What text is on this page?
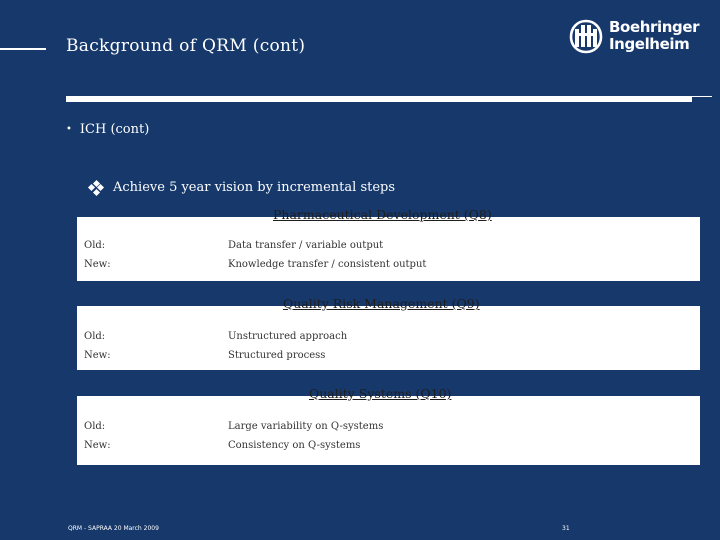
Background of QRM (cont)
Boehringer
Ingelheim
• ICH (cont)
Achieve 5 year vision by incremental steps
Pharmaceutical Development (Q8)
Old:	Data transfer / variable output
New:	Knowledge transfer / consistent output
Quality Risk Management (Q9)
Old:	Unstructured approach
New:	Structured process
Quality Systems (Q10)
Old:	Large variability on Q-systems
New:	Consistency on Q-systems
QRM - SAPRAA 20 March 2009	31
